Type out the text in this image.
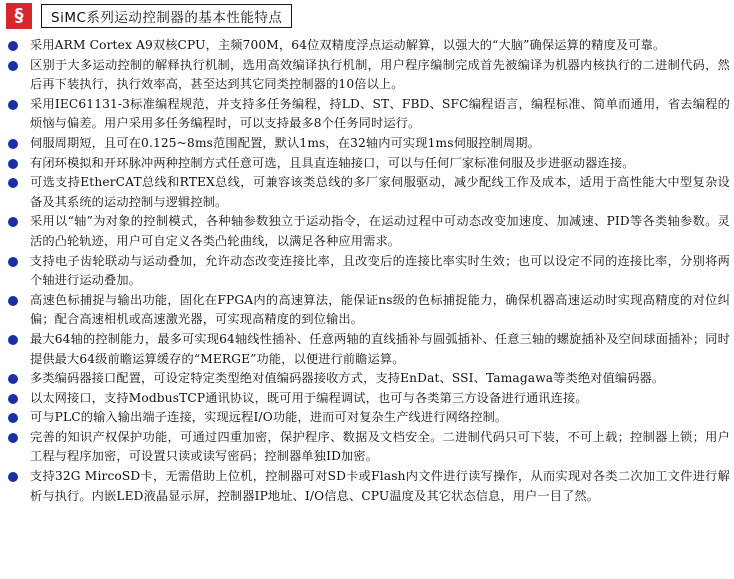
§	SiMC系列运动控制器的基本性能特点
采用ARM Cortex A9双核CPU，主频700M，64位双精度浮点运动解算，以强大的“大脑”确保运算的精度及可靠。
区别于大多运动控制的解释执行机制，选用高效编译执行机制，用户程序编制完成首先被编译为机器内核执行的二进制代码，然后再下装执行，执行效率高，甚至达到其它同类控制器的10倍以上。
采用IEC61131-3标准编程规范，并支持多任务编程，持LD、ST、FBD、SFC编程语言，编程标准、简单而通用，省去编程的烦恼与偏差。用户采用多任务编程时，可以支持最多8个任务同时运行。
伺服周期短，且可在0.125~8ms范围配置，默认1ms，在32轴内可实现1ms伺服控制周期。
有闭环模拟和开环脉冲两种控制方式任意可选，且具直连轴接口，可以与任何厂家标准伺服及步进驱动器连接。
可选支持EtherCAT总线和RTEX总线，可兼容该类总线的多厂家伺服驱动，减少配线工作及成本，适用于高性能大中型复杂设备及其系统的运动控制与逻辑控制。
采用以“轴”为对象的控制模式，各种轴参数独立于运动指令，在运动过程中可动态改变加速度、加减速、PID等各类轴参数。灵活的凸轮轨迹，用户可自定义各类凸轮曲线，以满足各种应用需求。
支持电子齿轮联动与运动叠加，允许动态改变连接比率，且改变后的连接比率实时生效；也可以设定不同的连接比率，分别将两个轴进行运动叠加。
高速色标捕捉与输出功能，固化在FPGA内的高速算法，能保证ns级的色标捕捉能力，确保机器高速运动时实现高精度的对位纠偏；配合高速相机或高速激光器，可实现高精度的到位输出。
最大64轴的控制能力，最多可实现64轴线性插补、任意两轴的直线插补与圆弧插补、任意三轴的螺旋插补及空间球面插补；同时提供最大64级前瞻运算缓存的“MERGE”功能，以便进行前瞻运算。
多类编码器接口配置，可设定特定类型绝对值编码器接收方式，支持EnDat、SSI、Tamagawa等类绝对值编码器。
以太网接口，支持ModbusTCP通讯协议，既可用于编程调试，也可与各类第三方设备进行通讯连接。
可与PLC的输入输出端子连接，实现远程I/O功能，进而可对复杂生产线进行网络控制。
完善的知识产权保护功能，可通过四重加密，保护程序、数据及文档安全。二进制代码只可下装，不可上载；控制器上锁；用户工程与程序加密，可设置只读或读写密码；控制器单独ID加密。
支持32G MircoSD卡，无需借助上位机，控制器可对SD卡或Flash内文件进行读写操作，从而实现对各类二次加工文件进行解析与执行。内嵌LED液晶显示屏，控制器IP地址、I/O信息、CPU温度及其它状态信息，用户一目了然。
